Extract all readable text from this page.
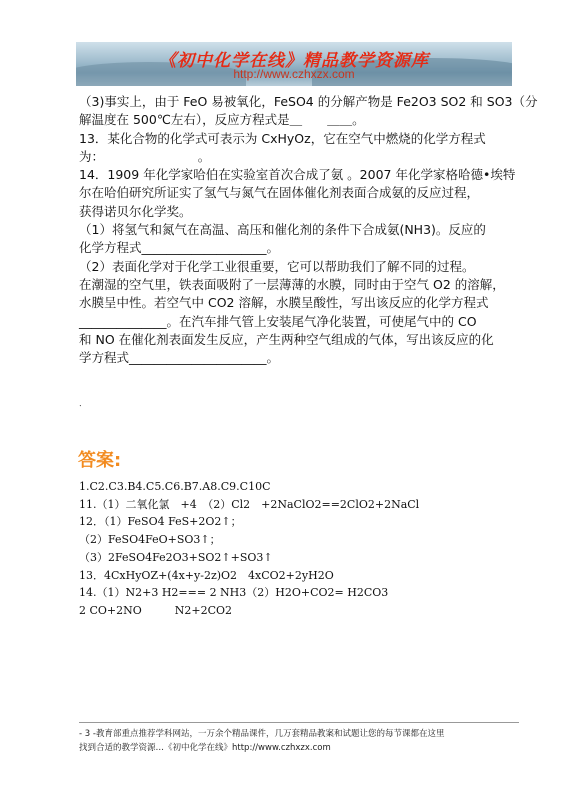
《初中化学在线》精品教学资源库
http://www.czhxzx.com

（3)事实上，由于 FeO 易被氧化，FeSO4 的分解产物是 Fe2O3 SO2 和 SO3（分

解温度在 500℃左右），反应方程式是＿　　＿＿。

13．某化合物的化学式可表示为 CxHyOz，它在空气中燃烧的化学方程式

为：　　　　　　　　。

14．1909 年化学家哈伯在实验室首次合成了氨 。2007 年化学家格哈德•埃特

尔在哈伯研究所证实了氢气与氮气在固体催化剂表面合成氨的反应过程，

获得诺贝尔化学奖。

（1）将氢气和氮气在高温、高压和催化剂的条件下合成氨(NH3)。反应的

化学方程式____________________。

（2）表面化学对于化学工业很重要，它可以帮助我们了解不同的过程。

在潮湿的空气里，铁表面吸附了一层薄薄的水膜，同时由于空气 O2 的溶解，

水膜呈中性。若空气中 CO2 溶解，水膜呈酸性，写出该反应的化学方程式

______________。在汽车排气管上安装尾气净化装置，可使尾气中的 CO

和 NO 在催化剂表面发生反应，产生两种空气组成的气体，写出该反应的化

学方程式______________________。

．
答案:

1.C2.C3.B4.C5.C6.B7.A8.C9.C10C

11.（1）二氧化氯　+4　（2）Cl2　+2NaClO2==2ClO2+2NaCl

12．（1）FeSO4 FeS+2O2↑；

（2）FeSO4FeO+SO3↑；

（3）2FeSO4Fe2O3+SO2↑+SO3↑

13．4CxHyOZ+(4x+y-2z)O2　4xCO2+2yH2O

14.（1）N2+3 H2=== 2 NH3（2）H2O+CO2= H2CO3

2 CO+2NO　　　N2+2CO2

- 3 -教育部重点推荐学科网站，一万余个精品课件，几万套精品教案和试题让您的每节课都在这里

找到合适的教学资源…《初中化学在线》http://www.czhxzx.com
